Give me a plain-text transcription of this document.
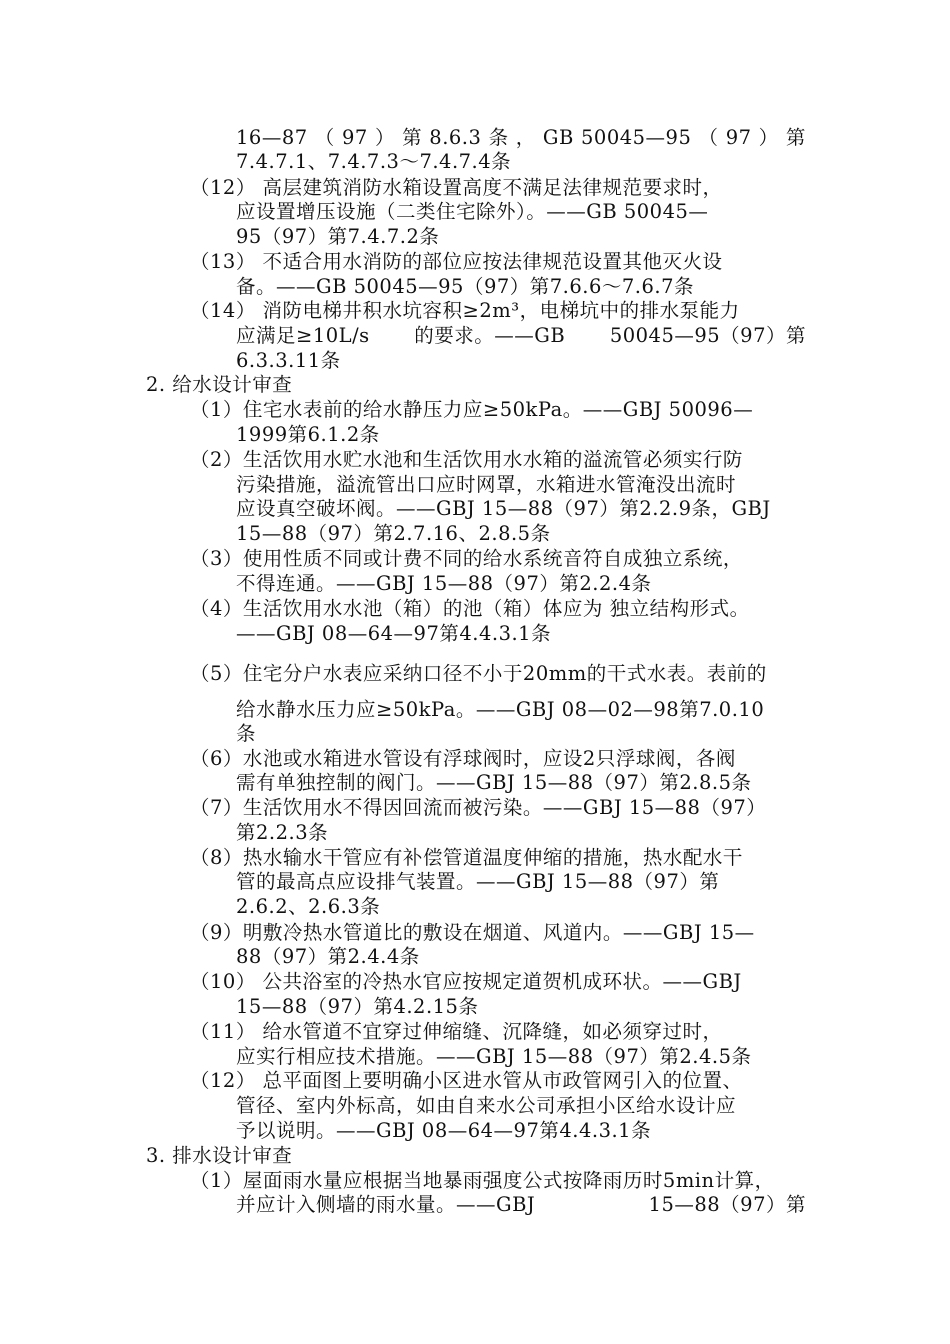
16—87 （ 97 ） 第 8.6.3 条 ， GB 50045—95 （ 97 ） 第
7.4.7.1、7.4.7.3～7.4.7.4条
（12） 高层建筑消防水箱设置高度不满足法律规范要求时，
应设置增压设施（二类住宅除外）。——GB 50045—
95（97）第7.4.7.2条
（13） 不适合用水消防的部位应按法律规范设置其他灭火设
备。——GB 50045—95（97）第7.6.6～7.6.7条
（14） 消防电梯井积水坑容积≥2m³，电梯坑中的排水泵能力
应满足≥10L/s 的要求。——GB 50045—95（97）第
6.3.3.11条
2. 给水设计审查
（1）住宅水表前的给水静压力应≥50kPa。——GBJ 50096—
1999第6.1.2条
（2）生活饮用水贮水池和生活饮用水水箱的溢流管必须实行防
污染措施，溢流管出口应时网罩，水箱进水管淹没出流时
应设真空破坏阀。——GBJ 15—88（97）第2.2.9条，GBJ
15—88（97）第2.7.16、2.8.5条
（3）使用性质不同或计费不同的给水系统音符自成独立系统，
不得连通。——GBJ 15—88（97）第2.2.4条
（4）生活饮用水水池（箱）的池（箱）体应为 独立结构形式。
——GBJ 08—64—97第4.4.3.1条
（5）住宅分户水表应采纳口径不小于20mm的干式水表。表前的
给水静水压力应≥50kPa。——GBJ 08—02—98第7.0.10
条
（6）水池或水箱进水管设有浮球阀时，应设2只浮球阀，各阀
需有单独控制的阀门。——GBJ 15—88（97）第2.8.5条
（7）生活饮用水不得因回流而被污染。——GBJ 15—88（97）
第2.2.3条
（8）热水输水干管应有补偿管道温度伸缩的措施，热水配水干
管的最高点应设排气装置。——GBJ 15—88（97）第
2.6.2、2.6.3条
（9）明敷冷热水管道比的敷设在烟道、风道内。——GBJ 15—
88（97）第2.4.4条
（10） 公共浴室的冷热水官应按规定道贺机成环状。——GBJ
15—88（97）第4.2.15条
（11） 给水管道不宜穿过伸缩缝、沉降缝，如必须穿过时，
应实行相应技术措施。——GBJ 15—88（97）第2.4.5条
（12） 总平面图上要明确小区进水管从市政管网引入的位置、
管径、室内外标高，如由自来水公司承担小区给水设计应
予以说明。——GBJ 08—64—97第4.4.3.1条
3. 排水设计审查
（1）屋面雨水量应根据当地暴雨强度公式按降雨历时5min计算，
并应计入侧墙的雨水量。——GBJ	15—88（97）第
